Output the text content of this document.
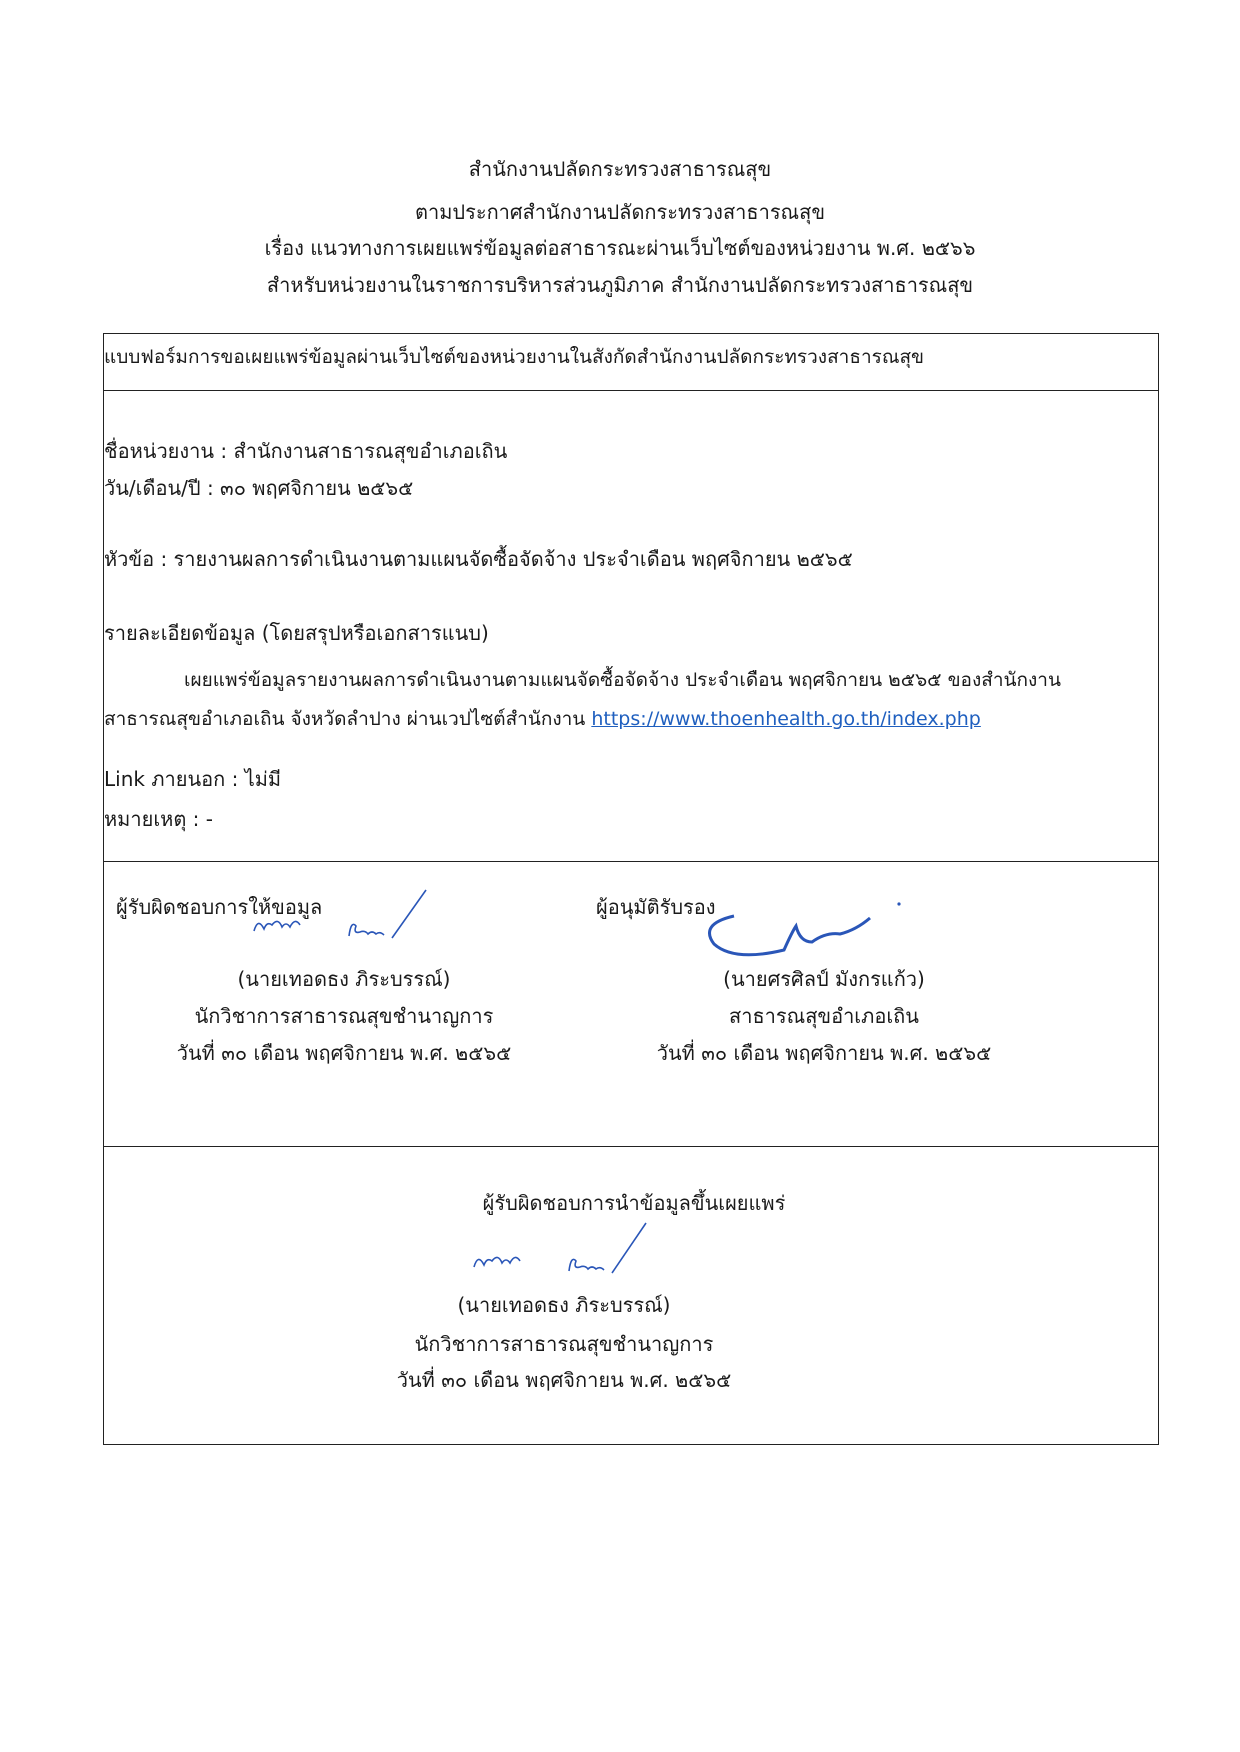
สำนักงานปลัดกระทรวงสาธารณสุข
ตามประกาศสำนักงานปลัดกระทรวงสาธารณสุข
เรื่อง แนวทางการเผยแพร่ข้อมูลต่อสาธารณะผ่านเว็บไซต์ของหน่วยงาน พ.ศ. ๒๕๖๖
สำหรับหน่วยงานในราชการบริหารส่วนภูมิภาค สำนักงานปลัดกระทรวงสาธารณสุข
แบบฟอร์มการขอเผยแพร่ข้อมูลผ่านเว็บไซต์ของหน่วยงานในสังกัดสำนักงานปลัดกระทรวงสาธารณสุข
ชื่อหน่วยงาน : สำนักงานสาธารณสุขอำเภอเถิน
วัน/เดือน/ปี : ๓๐ พฤศจิกายน ๒๕๖๕
หัวข้อ : รายงานผลการดำเนินงานตามแผนจัดซื้อจัดจ้าง ประจำเดือน พฤศจิกายน ๒๕๖๕
รายละเอียดข้อมูล (โดยสรุปหรือเอกสารแนบ)
เผยแพร่ข้อมูลรายงานผลการดำเนินงานตามแผนจัดซื้อจัดจ้าง ประจำเดือน พฤศจิกายน ๒๕๖๕ ของสำนักงาน
สาธารณสุขอำเภอเถิน จังหวัดลำปาง ผ่านเวปไซต์สำนักงาน https://www.thoenhealth.go.th/index.php
Link ภายนอก : ไม่มี
หมายเหตุ : -
ผู้รับผิดชอบการให้ขอมูล
(นายเทอดธง ภิระบรรณ์)
นักวิชาการสาธารณสุขชำนาญการ
วันที่ ๓๐ เดือน พฤศจิกายน พ.ศ. ๒๕๖๕
ผู้อนุมัติรับรอง
(นายศรศิลป์ มังกรแก้ว)
สาธารณสุขอำเภอเถิน
วันที่ ๓๐ เดือน พฤศจิกายน พ.ศ. ๒๕๖๕
ผู้รับผิดชอบการนำข้อมูลขึ้นเผยแพร่
(นายเทอดธง ภิระบรรณ์)
นักวิชาการสาธารณสุขชำนาญการ
วันที่ ๓๐ เดือน พฤศจิกายน พ.ศ. ๒๕๖๕
